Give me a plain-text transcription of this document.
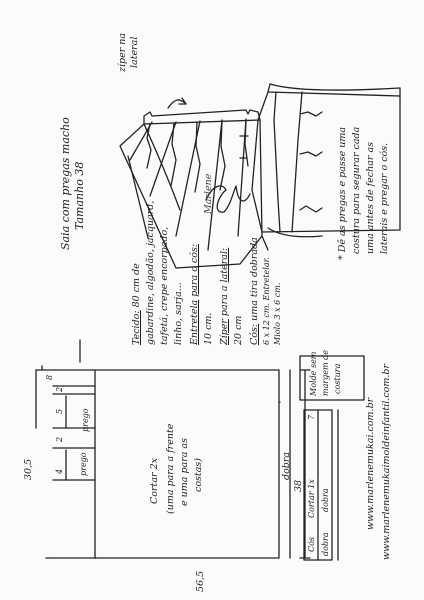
Saia com pregas macho Tamanho 38
zíper na lateral
Marlene
Tecido: 80 cm de gabardine, algodão, jacquard, tafetá, crepe encorpado, linho, sarja... Entretela para o cós:
10 cm. Zíper para a lateral:
20 cm Cós: uma tira dobrada 6 x 12 cm. Entretelar. Miolo 3 x 6 cm.
* Dê as pregas e passe uma costura para segurar cada uma antes de fechar as laterais e pregar o cós.
30,5
56,5
4
2
5
2
8
prego
prego
Cortar 2x (uma para a frente e uma para as costas)	dobra
Molde sem margem de costura
38
Cós
Cortar 1x
7
dobra
dobra
www.marlenemukai.com.br www.marlenemukaimoldeinfantil.com.br
